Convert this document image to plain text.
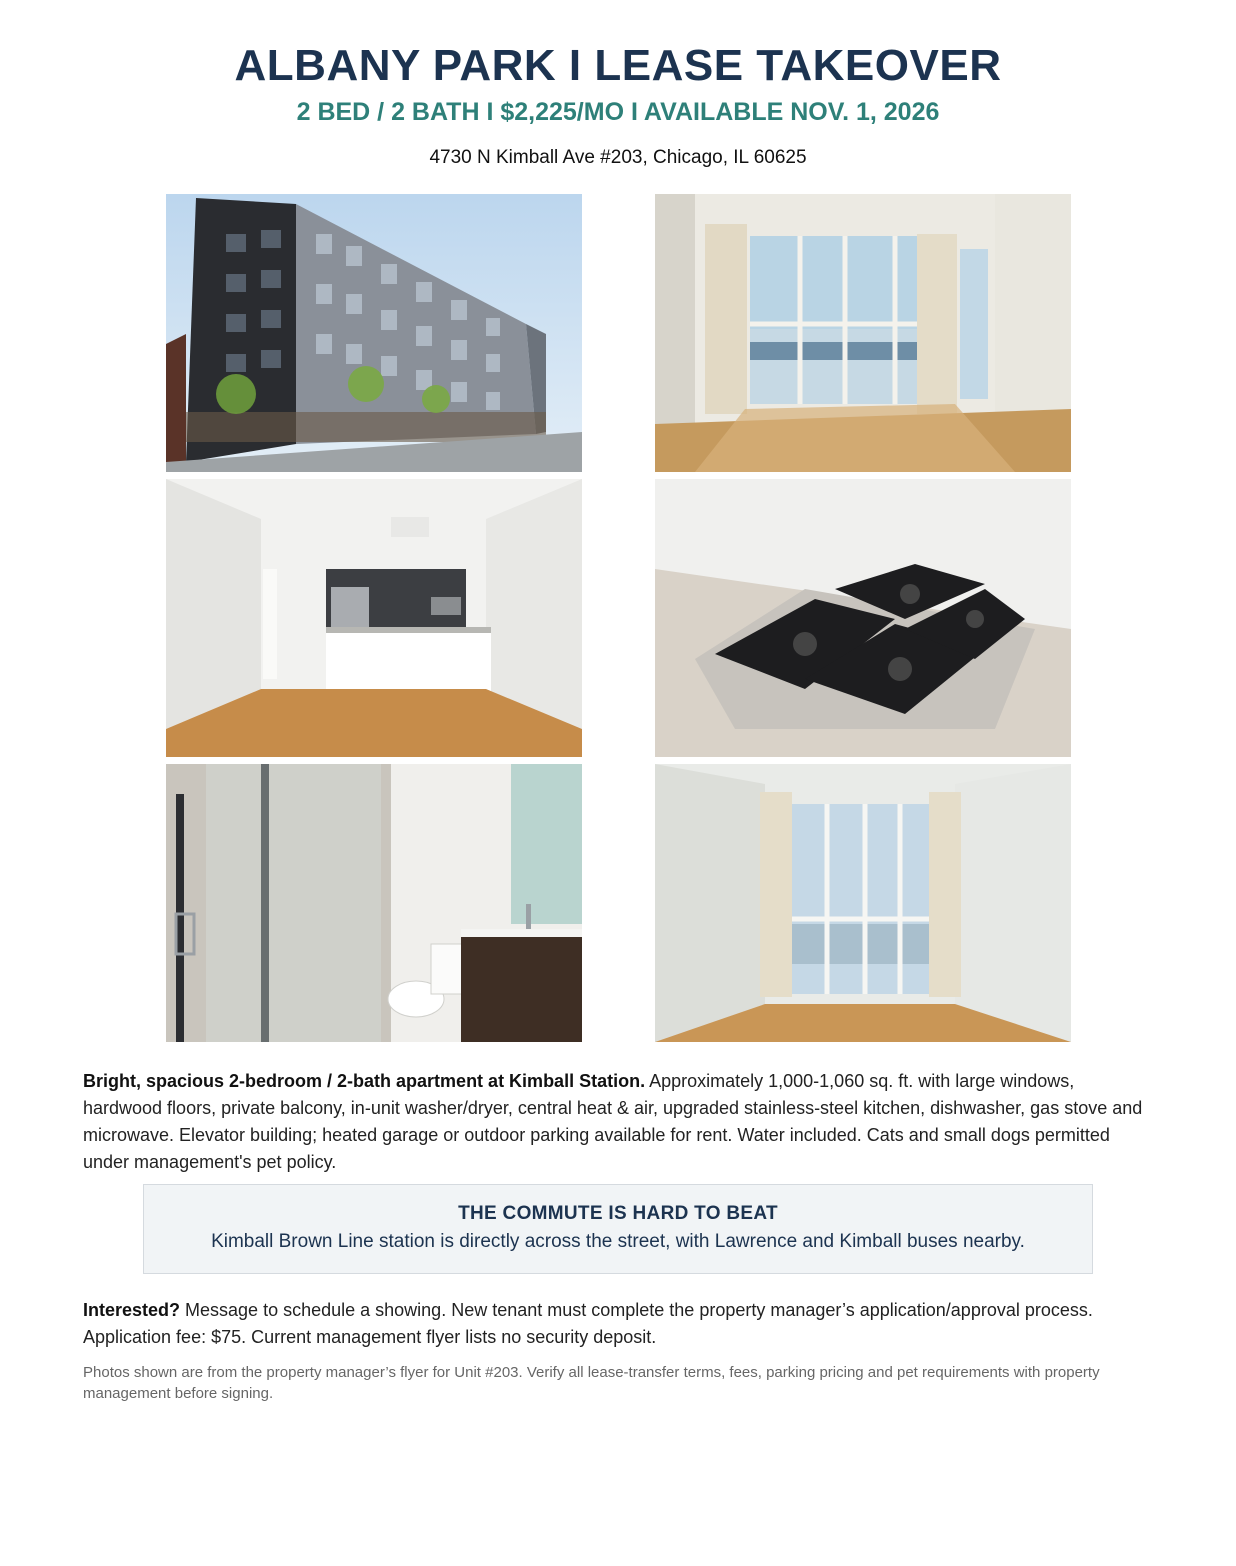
ALBANY PARK I LEASE TAKEOVER
2 BED / 2 BATH I $2,225/MO I AVAILABLE NOV. 1, 2026
4730 N Kimball Ave #203, Chicago, IL 60625

Bright, spacious 2-bedroom / 2-bath apartment at Kimball Station. Approximately 1,000-1,060 sq. ft. with large windows, hardwood floors, private balcony, in-unit washer/dryer, central heat & air, upgraded stainless-steel kitchen, dishwasher, gas stove and microwave. Elevator building; heated garage or outdoor parking available for rent. Water included. Cats and small dogs permitted under management's pet policy.

THE COMMUTE IS HARD TO BEAT
Kimball Brown Line station is directly across the street, with Lawrence and Kimball buses nearby.

Interested? Message to schedule a showing. New tenant must complete the property manager’s application/approval process. Application fee: $75. Current management flyer lists no security deposit.

Photos shown are from the property manager’s flyer for Unit #203. Verify all lease-transfer terms, fees, parking pricing and pet requirements with property management before signing.
